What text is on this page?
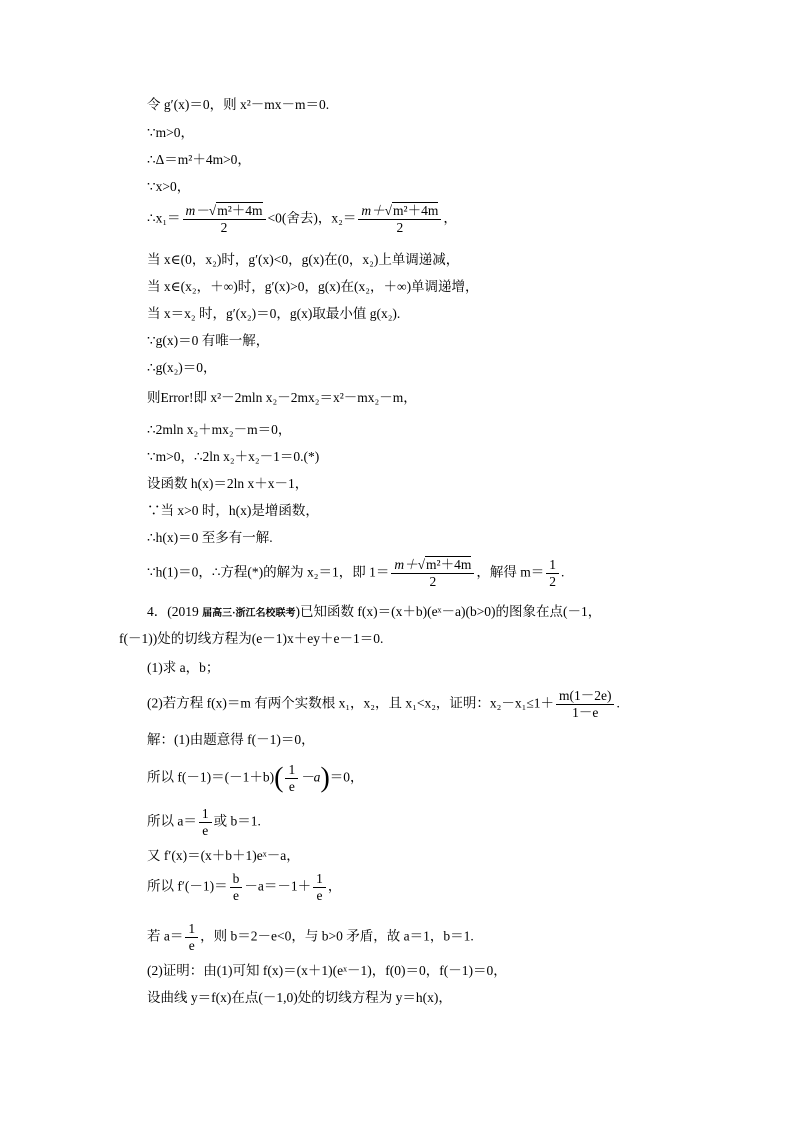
令 g′(x)＝0，则 x²－mx－m＝0.
∵m>0，
∴Δ＝m²＋4m>0，
∵x>0，
∴x₁＝ $\frac{\text{m－√m²＋4m}}{2} <0$(舍去)，$x_2= \frac{\text{m＋√m²＋4m}}{2}$ ，
当 x∈(0，x₂)时，g′(x)<0，g(x)在(0，x₂)上单调递减，
当 x∈(x₂，＋∞)时，g′(x)>0，g(x)在(x₂，＋∞)单调递增，
当 x＝x₂ 时，g′(x₂)＝0，g(x)取最小值 g(x₂).
∵g(x)＝0 有唯一解，
∴g(x₂)＝0，
则Error!即 x²－2mln x₂－2mx₂＝x²－mx₂－m，
∴2mln x₂＋mx₂－m＝0，
∵m>0，∴2ln x₂＋x₂－1＝0.(*)
设函数 h(x)＝2ln x＋x－1，
∵当 x>0 时，h(x)是增函数，
∴h(x)＝0 至多有一解.
∵h(1)＝0，∴方程(*)的解为 x₂＝1，即 $1= \frac{\text{m＋√m²＋4m}}{2}$ ，解得 $m= \frac{1}{2}$ .
4．(2019 届高三·浙江名校联考)已知函数 f(x)＝(x＋b)(eˣ－a)(b>0)的图象在点(－1，
f(－1))处的切线方程为(e－1)x＋ey＋e－1＝0.
(1)求 a，b；
(2)若方程 f(x)＝m 有两个实数根 x₁，x₂，且 x₁<x₂，证明：$x_2-x_1\le 1+ \frac{m(1-2e)}{1-e}$ .
解：(1)由题意得 f(－1)＝0，
所以 $f(-1)=(-1+b)( \frac{1}{e} -a)=0$，
所以 $a= \frac{1}{e}$ 或 b＝1.
又 f′(x)＝(x＋b＋1)eˣ－a，
所以 $f'(-1)= \frac{b}{e} -a=-1+ \frac{1}{e}$ ，
若 $a= \frac{1}{e}$ ，则 b＝2－e<0，与 b>0 矛盾，故 a＝1，b＝1.
(2)证明：由(1)可知 f(x)＝(x＋1)(eˣ－1)，f(0)＝0，f(－1)＝0，
设曲线 y＝f(x)在点(－1,0)处的切线方程为 y＝h(x)，
